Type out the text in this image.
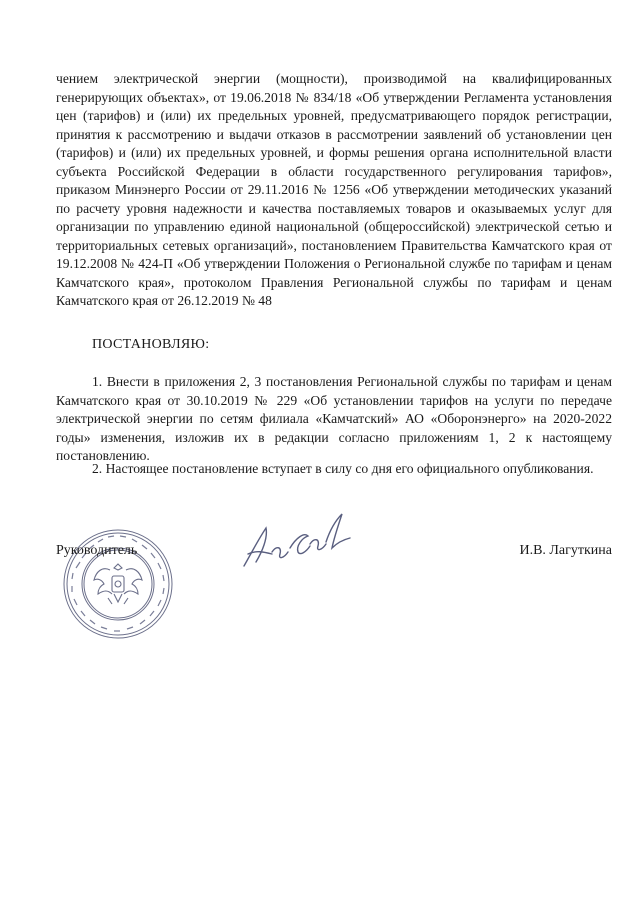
чением электрической энергии (мощности), производимой на квалифицированных генерирующих объектах», от 19.06.2018 № 834/18 «Об утверждении Регламента установления цен (тарифов) и (или) их предельных уровней, предусматривающего порядок регистрации, принятия к рассмотрению и выдачи отказов в рассмотрении заявлений об установлении цен (тарифов) и (или) их предельных уровней, и формы решения органа исполнительной власти субъекта Российской Федерации в области государственного регулирования тарифов», приказом Минэнерго России от 29.11.2016 № 1256 «Об утверждении методических указаний по расчету уровня надежности и качества поставляемых товаров и оказываемых услуг для организации по управлению единой национальной (общероссийской) электрической сетью и территориальных сетевых организаций», постановлением Правительства Камчатского края от 19.12.2008 № 424-П «Об утверждении Положения о Региональной службе по тарифам и ценам Камчатского края», протоколом Правления Региональной службы по тарифам и ценам Камчатского края от 26.12.2019 № 48

ПОСТАНОВЛЯЮ:

1. Внести в приложения 2, 3 постановления Региональной службы по тарифам и ценам Камчатского края от 30.10.2019 № 229 «Об установлении тарифов на услуги по передаче электрической энергии по сетям филиала «Камчатский» АО «Оборонэнерго» на 2020-2022 годы» изменения, изложив их в редакции согласно приложениям 1, 2 к настоящему постановлению.

2. Настоящее постановление вступает в силу со дня его официального опубликования.

Руководитель	И.В. Лагуткина
